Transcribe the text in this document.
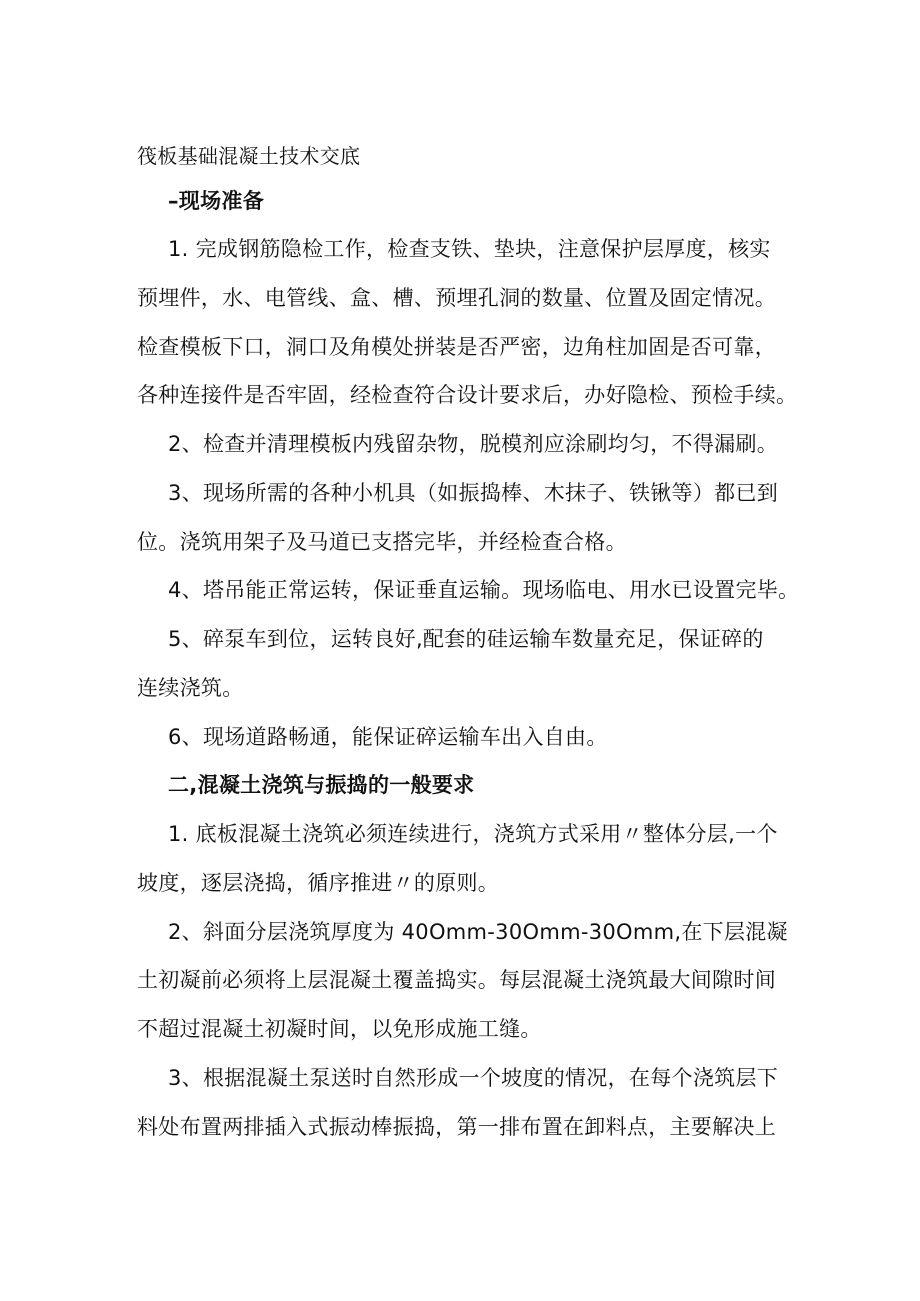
筏板基础混凝土技术交底
–现场准备
1. 完成钢筋隐检工作，检查支铁、垫块，注意保护层厚度，核实
预埋件，水、电管线、盒、槽、预埋孔洞的数量、位置及固定情况。
检查模板下口，洞口及角模处拼装是否严密，边角柱加固是否可靠，
各种连接件是否牢固，经检查符合设计要求后，办好隐检、预检手续。
2、检查并清理模板内残留杂物，脱模剂应涂刷均匀，不得漏刷。
3、现场所需的各种小机具（如振捣棒、木抹子、铁锹等）都已到
位。浇筑用架子及马道已支搭完毕，并经检查合格。
4、塔吊能正常运转，保证垂直运输。现场临电、用水已设置完毕。
5、碎泵车到位，运转良好,配套的硅运输车数量充足，保证碎的
连续浇筑。
6、现场道路畅通，能保证碎运输车出入自由。
二,混凝土浇筑与振捣的一般要求
1. 底板混凝土浇筑必须连续进行，浇筑方式采用〃整体分层,一个
坡度，逐层浇捣，循序推进〃的原则。
2、斜面分层浇筑厚度为 40Omm-30Omm-30Omm,在下层混凝
土初凝前必须将上层混凝土覆盖捣实。每层混凝土浇筑最大间隙时间
不超过混凝土初凝时间，以免形成施工缝。
3、根据混凝土泵送时自然形成一个坡度的情况，在每个浇筑层下
料处布置两排插入式振动棒振捣，第一排布置在卸料点，主要解决上
